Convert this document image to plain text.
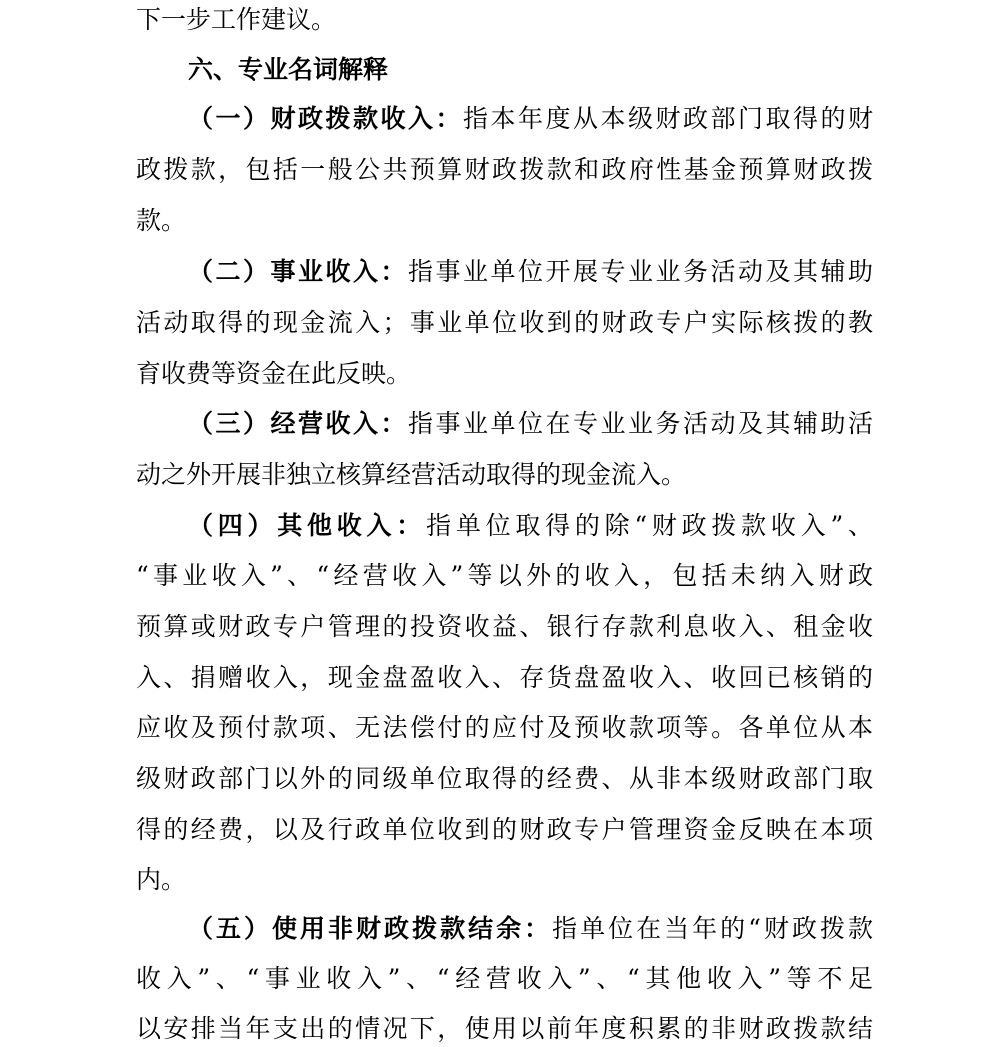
下一步工作建议。
六、专业名词解释
（一）财政拨款收入：指本年度从本级财政部门取得的财
政拨款，包括一般公共预算财政拨款和政府性基金预算财政拨
款。
（二）事业收入：指事业单位开展专业业务活动及其辅助
活动取得的现金流入；事业单位收到的财政专户实际核拨的教
育收费等资金在此反映。
（三）经营收入：指事业单位在专业业务活动及其辅助活
动之外开展非独立核算经营活动取得的现金流入。
（四）其他收入：指单位取得的除“财政拨款收入”、
“事业收入”、“经营收入”等以外的收入，包括未纳入财政
预算或财政专户管理的投资收益、银行存款利息收入、租金收
入、捐赠收入，现金盘盈收入、存货盘盈收入、收回已核销的
应收及预付款项、无法偿付的应付及预收款项等。各单位从本
级财政部门以外的同级单位取得的经费、从非本级财政部门取
得的经费，以及行政单位收到的财政专户管理资金反映在本项
内。
（五）使用非财政拨款结余：指单位在当年的“财政拨款
收入”、“事业收入”、“经营收入”、“其他收入”等不足
以安排当年支出的情况下，使用以前年度积累的非财政拨款结
